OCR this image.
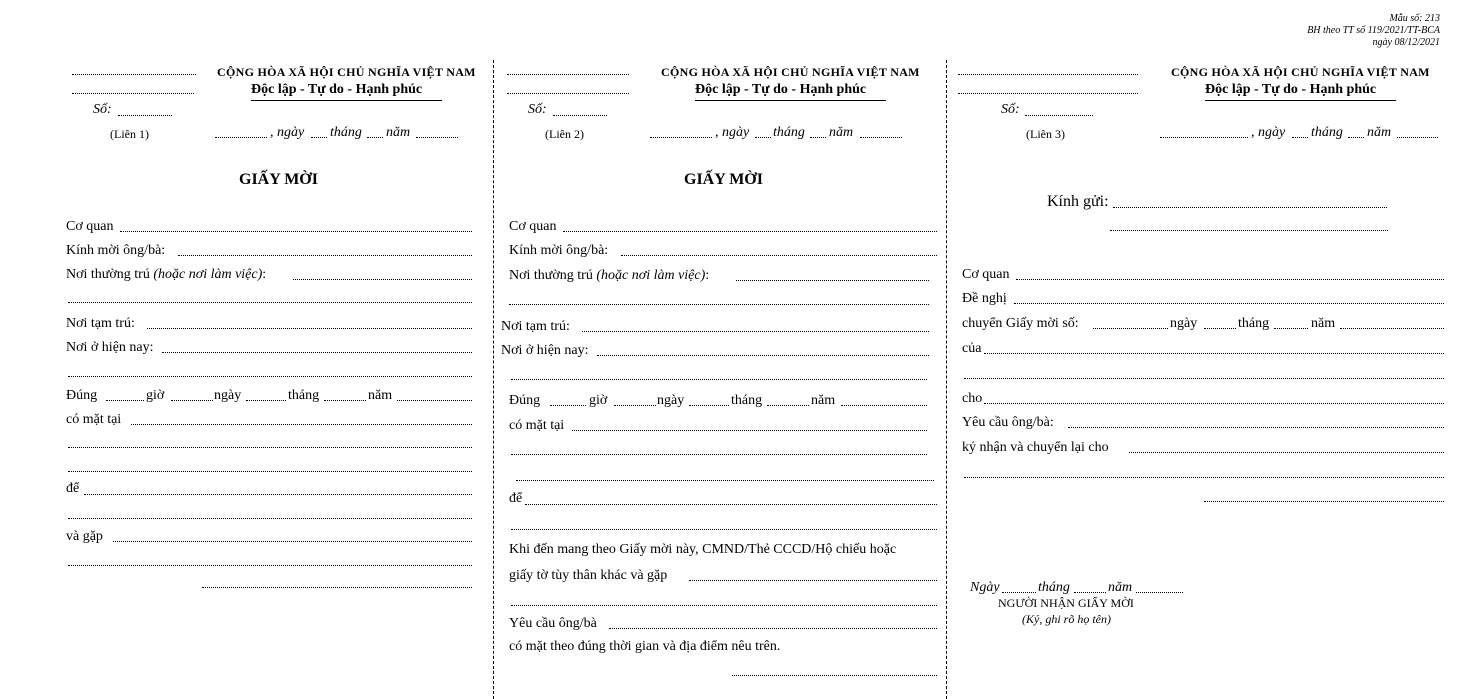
Mẫu số: 213
BH theo TT số 119/2021/TT-BCA
ngày 08/12/2021
CỘNG HÒA XÃ HỘI CHỦ NGHĨA VIỆT NAM
Độc lập - Tự do - Hạnh phúc
Số:
(Liên 1)	, ngày tháng năm
GIẤY MỜI
Cơ quan
Kính mời ông/bà:
Nơi thường trú (hoặc nơi làm việc):
Nơi tạm trú:
Nơi ở hiện nay:
Đúng	giờ	ngày	tháng	năm
có mặt tại
để
và gặp
CỘNG HÒA XÃ HỘI CHỦ NGHĨA VIỆT NAM
Độc lập - Tự do - Hạnh phúc
Số:
(Liên 2)	, ngày tháng năm
GIẤY MỜI
Cơ quan
Kính mời ông/bà:
Nơi thường trú (hoặc nơi làm việc):
Nơi tạm trú:
Nơi ở hiện nay:
Đúng	giờ	ngày	tháng	năm
có mặt tại
để
Khi đến mang theo Giấy mời này, CMND/Thẻ CCCD/Hộ chiếu hoặc
giấy tờ tùy thân khác và gặp
Yêu cầu ông/bà
có mặt theo đúng thời gian và địa điểm nêu trên.
CỘNG HÒA XÃ HỘI CHỦ NGHĨA VIỆT NAM
Độc lập - Tự do - Hạnh phúc
Số:
(Liên 3)	, ngày tháng năm
Kính gửi:
Cơ quan
Đề nghị
chuyển Giấy mời số:	ngày	tháng	năm
của
cho
Yêu cầu ông/bà:
ký nhận và chuyển lại cho
Ngày	tháng	năm
NGƯỜI NHẬN GIẤY MỜI
(Ký, ghi rõ họ tên)
